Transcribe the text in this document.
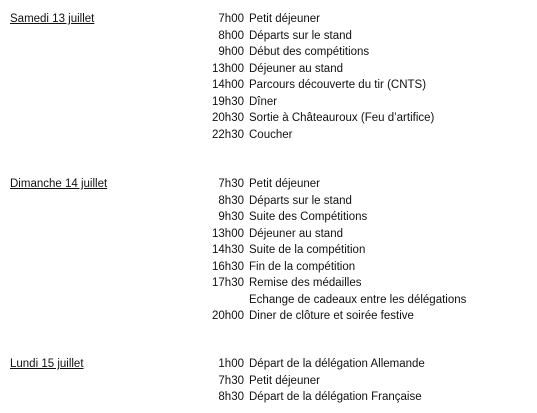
Samedi 13 juillet	7h00 Petit déjeuner
8h00 Départs sur le stand
9h00 Début des compétitions
13h00 Déjeuner au stand
14h00 Parcours découverte du tir (CNTS)
19h30 Dîner
20h30 Sortie à Châteauroux (Feu d’artifice)
22h30 Coucher
Dimanche 14 juillet	7h30 Petit déjeuner
8h30 Départs sur le stand
9h30 Suite des Compétitions
13h00 Déjeuner au stand
14h30 Suite de la compétition
16h30 Fin de la compétition
17h30 Remise des médailles
Echange de cadeaux entre les délégations
20h00 Diner de clôture et soirée festive
Lundi 15 juillet	1h00 Départ de la délégation Allemande
7h30 Petit déjeuner
8h30 Départ de la délégation Française
